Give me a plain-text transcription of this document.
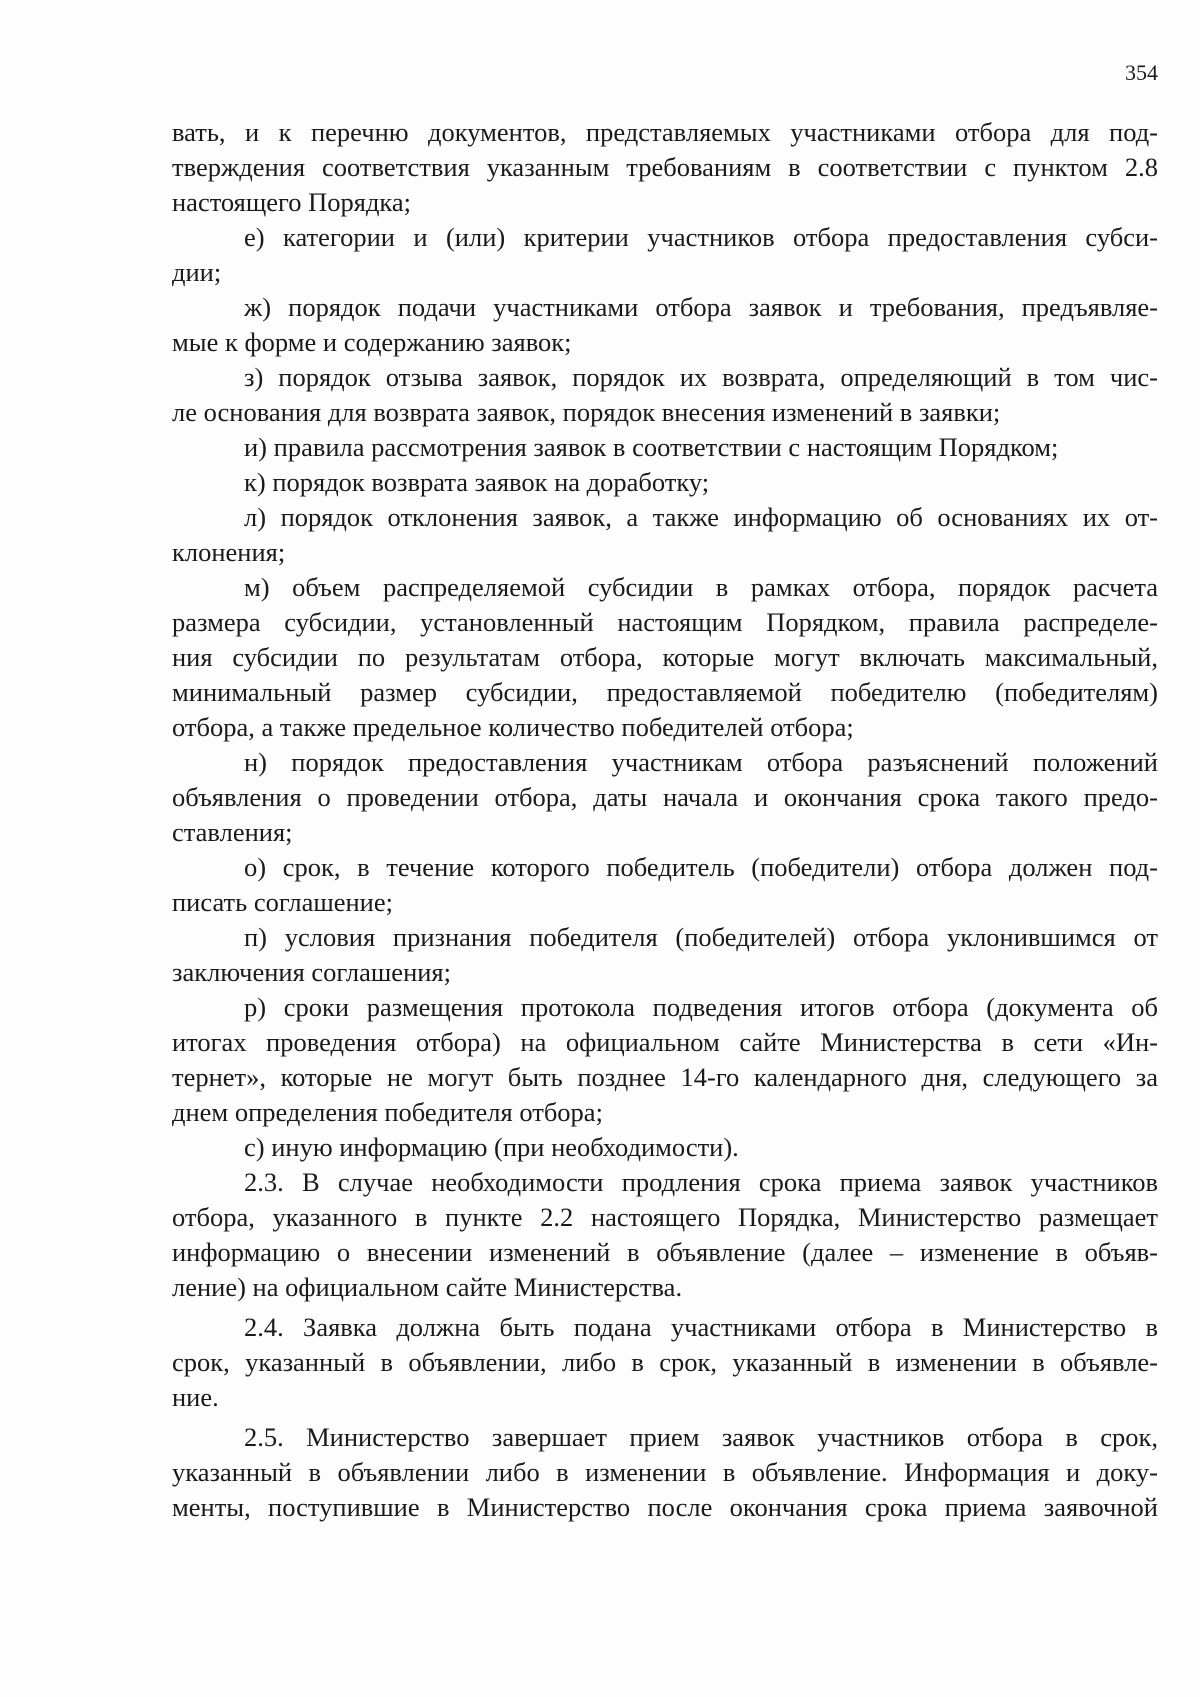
354
вать, и к перечню документов, представляемых участниками отбора для под-
тверждения соответствия указанным требованиям в соответствии с пунктом 2.8
настоящего Порядка;
е) категории и (или) критерии участников отбора предоставления субси-
дии;
ж) порядок подачи участниками отбора заявок и требования, предъявляе-
мые к форме и содержанию заявок;
з) порядок отзыва заявок, порядок их возврата, определяющий в том чис-
ле основания для возврата заявок, порядок внесения изменений в заявки;
и) правила рассмотрения заявок в соответствии с настоящим Порядком;
к) порядок возврата заявок на доработку;
л) порядок отклонения заявок, а также информацию об основаниях их от-
клонения;
м) объем распределяемой субсидии в рамках отбора, порядок расчета
размера субсидии, установленный настоящим Порядком, правила распределе-
ния субсидии по результатам отбора, которые могут включать максимальный,
минимальный размер субсидии, предоставляемой победителю (победителям)
отбора, а также предельное количество победителей отбора;
н) порядок предоставления участникам отбора разъяснений положений
объявления о проведении отбора, даты начала и окончания срока такого предо-
ставления;
о) срок, в течение которого победитель (победители) отбора должен под-
писать соглашение;
п) условия признания победителя (победителей) отбора уклонившимся от
заключения соглашения;
р) сроки размещения протокола подведения итогов отбора (документа об
итогах проведения отбора) на официальном сайте Министерства в сети «Ин-
тернет», которые не могут быть позднее 14-го календарного дня, следующего за
днем определения победителя отбора;
с) иную информацию (при необходимости).
2.3. В случае необходимости продления срока приема заявок участников
отбора, указанного в пункте 2.2 настоящего Порядка, Министерство размещает
информацию о внесении изменений в объявление (далее – изменение в объяв-
ление) на официальном сайте Министерства.
2.4. Заявка должна быть подана участниками отбора в Министерство в
срок, указанный в объявлении, либо в срок, указанный в изменении в объявле-
ние.
2.5. Министерство завершает прием заявок участников отбора в срок,
указанный в объявлении либо в изменении в объявление. Информация и доку-
менты, поступившие в Министерство после окончания срока приема заявочной
